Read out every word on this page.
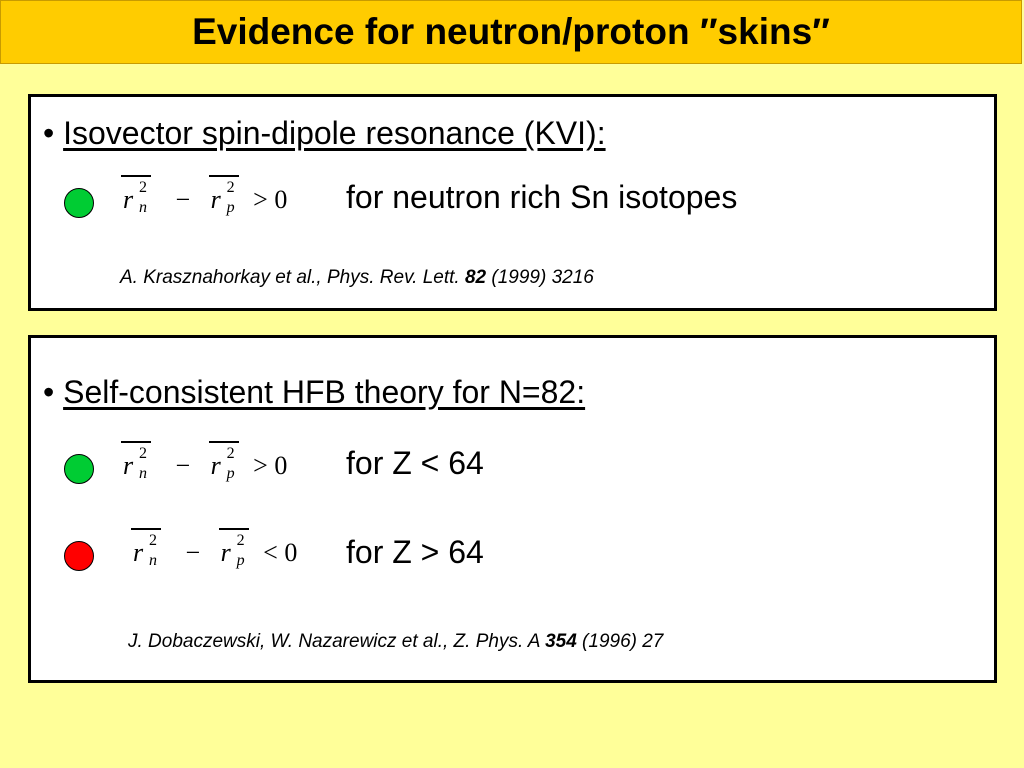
Evidence for neutron/proton ″skins″
• Isovector spin-dipole resonance (KVI):
r 2
n − r 2
p > 0 for neutron rich Sn isotopes
A. Krasznahorkay et al., Phys. Rev. Lett. 82 (1999) 3216
• Self-consistent HFB theory for N=82:
r 2
n − r 2
p > 0 for Z < 64
r 2
n − r 2
p < 0 for Z > 64
J. Dobaczewski, W. Nazarewicz et al., Z. Phys. A 354 (1996) 27
